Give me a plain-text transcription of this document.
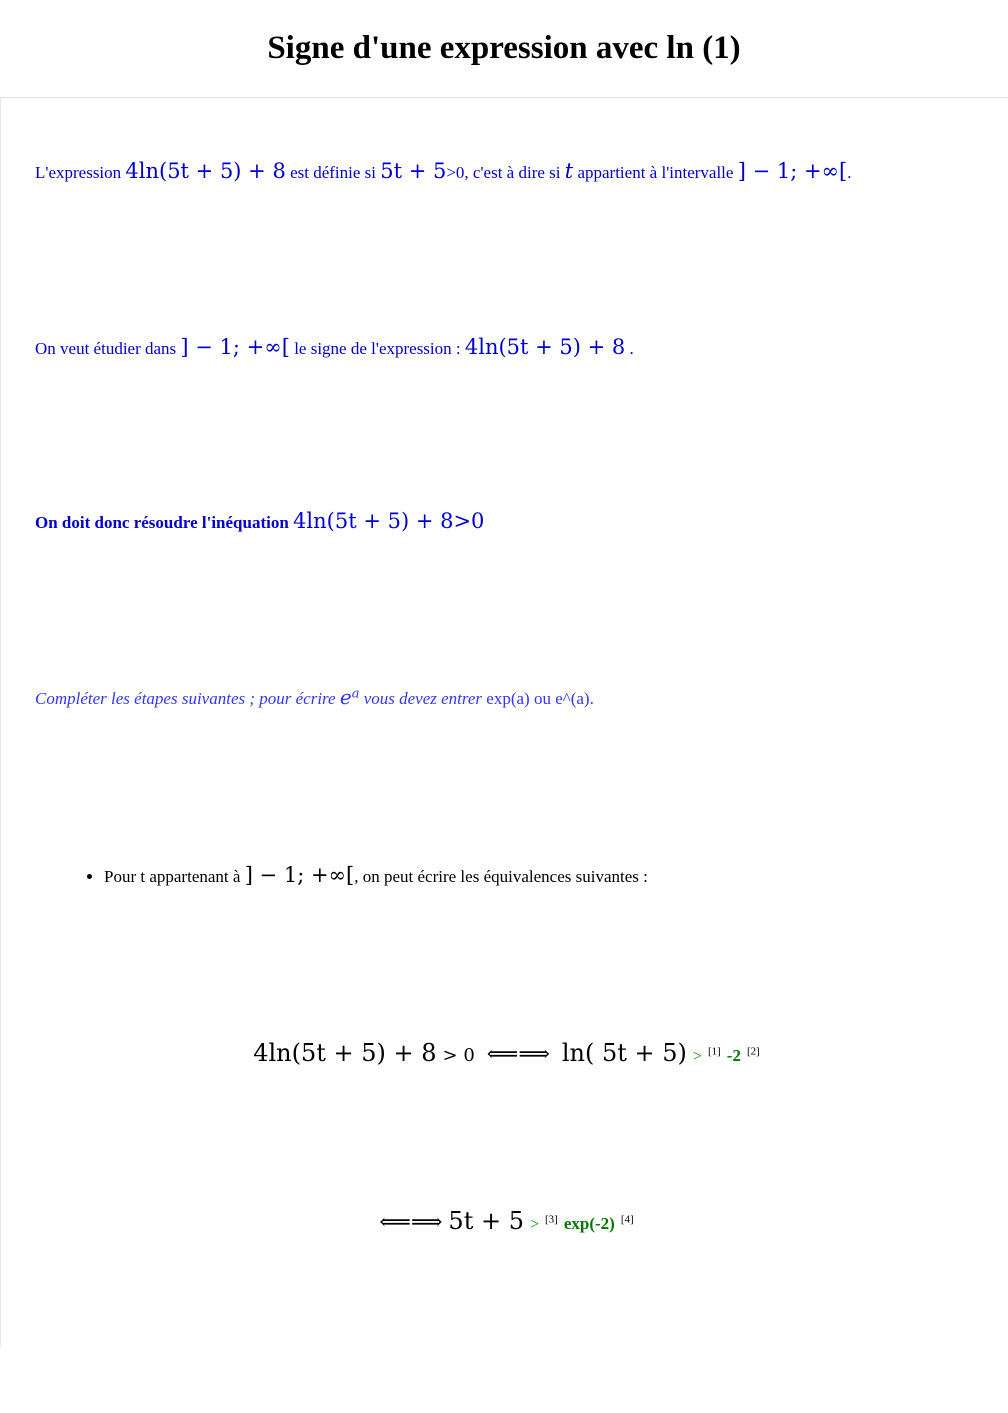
Signe d'une expression avec ln (1)
L'expression 4ln(5t + 5) + 8 est définie si 5t + 5>0, c'est à dire si t appartient à l'intervalle ] − 1; +∞[.
On veut étudier dans ] − 1; +∞[ le signe de l'expression : 4ln(5t + 5) + 8 .
On doit donc résoudre l'inéquation 4ln(5t + 5) + 8>0
Compléter les étapes suivantes ; pour écrire $e^a$ vous devez entrer exp(a) ou e^(a).
• Pour t appartenant à ] − 1; +∞[, on peut écrire les équivalences suivantes :
4ln(5t + 5) + 8 > 0 ⟸⟹ ln( 5t + 5) > [1] -2 [2]
⟸⟹ 5t + 5 > [3] exp(-2) [4]
